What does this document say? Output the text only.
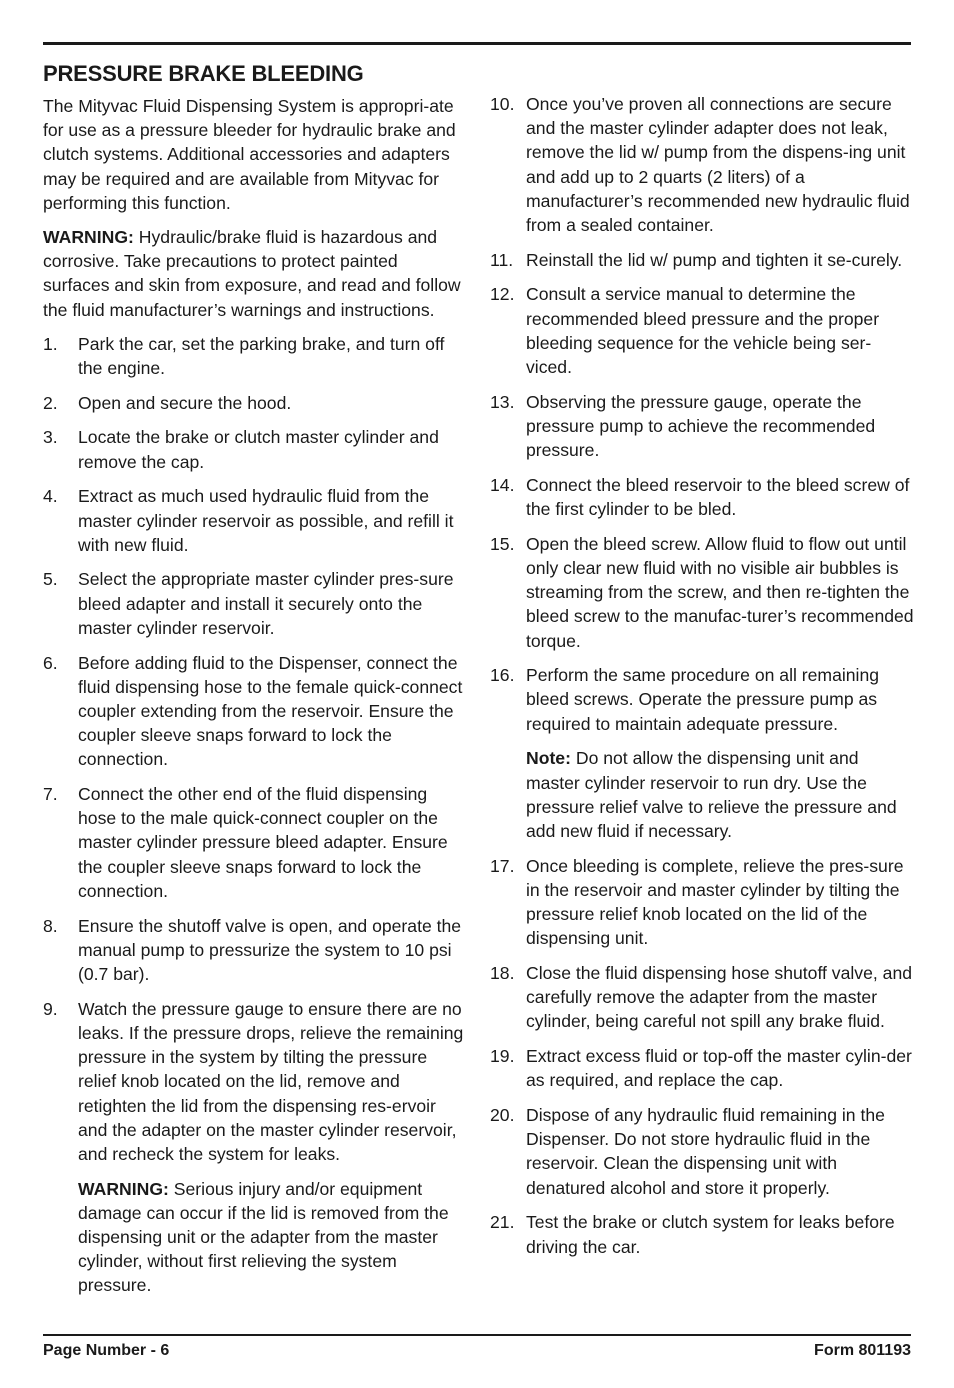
PRESSURE BRAKE BLEEDING

The Mityvac Fluid Dispensing System is appropri-ate for use as a pressure bleeder for hydraulic brake and clutch systems. Additional accessories and adapters may be required and are available from Mityvac for performing this function.

WARNING: Hydraulic/brake fluid is hazardous and corrosive. Take precautions to protect painted surfaces and skin from exposure, and read and follow the fluid manufacturer’s warnings and instructions.

1.	Park the car, set the parking brake, and turn off the engine.

2.	Open and secure the hood.

3.	Locate the brake or clutch master cylinder and remove the cap.

4.	Extract as much used hydraulic fluid from the master cylinder reservoir as possible, and refill it with new fluid.

5.	Select the appropriate master cylinder pres-sure bleed adapter and install it securely onto the master cylinder reservoir.

6.	Before adding fluid to the Dispenser, connect the fluid dispensing hose to the female quick-connect coupler extending from the reservoir. Ensure the coupler sleeve snaps forward to lock the connection.

7.	Connect the other end of the fluid dispensing hose to the male quick-connect coupler on the master cylinder pressure bleed adapter. Ensure the coupler sleeve snaps forward to lock the connection.

8.	Ensure the shutoff valve is open, and operate the manual pump to pressurize the system to 10 psi (0.7 bar).

9.	Watch the pressure gauge to ensure there are no leaks. If the pressure drops, relieve the remaining pressure in the system by tilting the pressure relief knob located on the lid, remove and retighten the lid from the dispensing res-ervoir and the adapter on the master cylinder reservoir, and recheck the system for leaks.

WARNING: Serious injury and/or equipment damage can occur if the lid is removed from the dispensing unit or the adapter from the master cylinder, without first relieving the system pressure.

10. Once you’ve proven all connections are secure and the master cylinder adapter does not leak, remove the lid w/ pump from the dispens-ing unit and add up to 2 quarts (2 liters) of a manufacturer’s recommended new hydraulic fluid from a sealed container.

11. Reinstall the lid w/ pump and tighten it se-curely.

12. Consult a service manual to determine the recommended bleed pressure and the proper bleeding sequence for the vehicle being ser-viced.

13. Observing the pressure gauge, operate the pressure pump to achieve the recommended pressure.

14. Connect the bleed reservoir to the bleed screw of the first cylinder to be bled.

15. Open the bleed screw. Allow fluid to flow out until only clear new fluid with no visible air bubbles is streaming from the screw, and then re-tighten the bleed screw to the manufac-turer’s recommended torque.

16. Perform the same procedure on all remaining bleed screws. Operate the pressure pump as required to maintain adequate pressure.

Note: Do not allow the dispensing unit and master cylinder reservoir to run dry. Use the pressure relief valve to relieve the pressure and add new fluid if necessary.

17. Once bleeding is complete, relieve the pres-sure in the reservoir and master cylinder by tilting the pressure relief knob located on the lid of the dispensing unit.

18. Close the fluid dispensing hose shutoff valve, and carefully remove the adapter from the master cylinder, being careful not spill any brake fluid.

19. Extract excess fluid or top-off the master cylin-der as required, and replace the cap.

20. Dispose of any hydraulic fluid remaining in the Dispenser. Do not store hydraulic fluid in the reservoir. Clean the dispensing unit with denatured alcohol and store it properly.

21. Test the brake or clutch system for leaks before driving the car.

Page Number - 6	Form 801193
